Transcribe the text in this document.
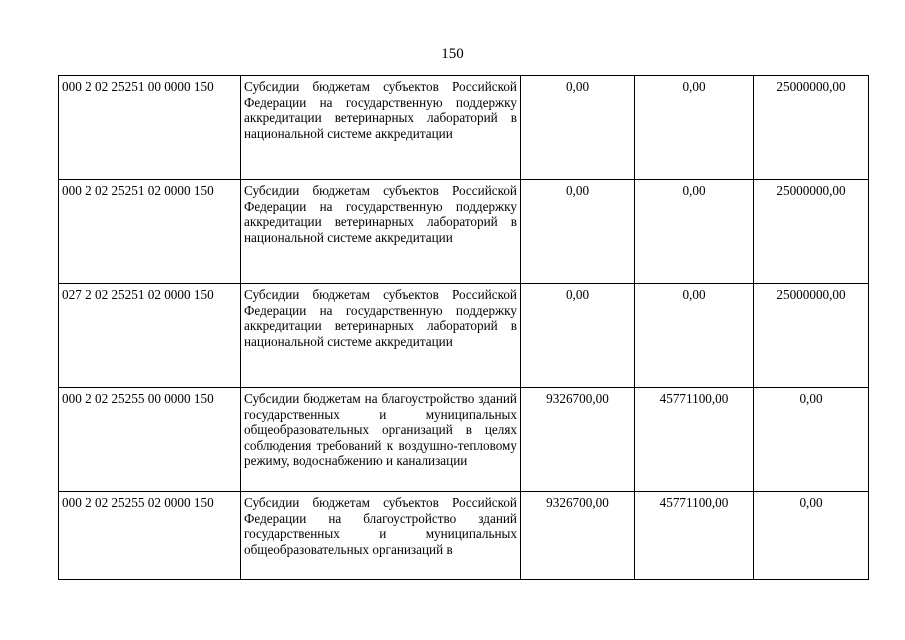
150
000 2 02 25251 00 0000 150	Субсидии бюджетам субъектов Российской Федерации на государственную поддержку аккредитации ветеринарных лабораторий в национальной системе аккредитации	0,00	0,00	25000000,00
000 2 02 25251 02 0000 150	Субсидии бюджетам субъектов Российской Федерации на государственную поддержку аккредитации ветеринарных лабораторий в национальной системе аккредитации	0,00	0,00	25000000,00
027 2 02 25251 02 0000 150	Субсидии бюджетам субъектов Российской Федерации на государственную поддержку аккредитации ветеринарных лабораторий в национальной системе аккредитации	0,00	0,00	25000000,00
000 2 02 25255 00 0000 150	Субсидии бюджетам на благоустройство зданий государственных и муниципальных общеобразовательных организаций в целях соблюдения требований к воздушно-тепловому режиму, водоснабжению и канализации	9326700,00	45771100,00	0,00
000 2 02 25255 02 0000 150	Субсидии бюджетам субъектов Российской Федерации на благоустройство зданий государственных и муниципальных общеобразовательных организаций в	9326700,00	45771100,00	0,00
